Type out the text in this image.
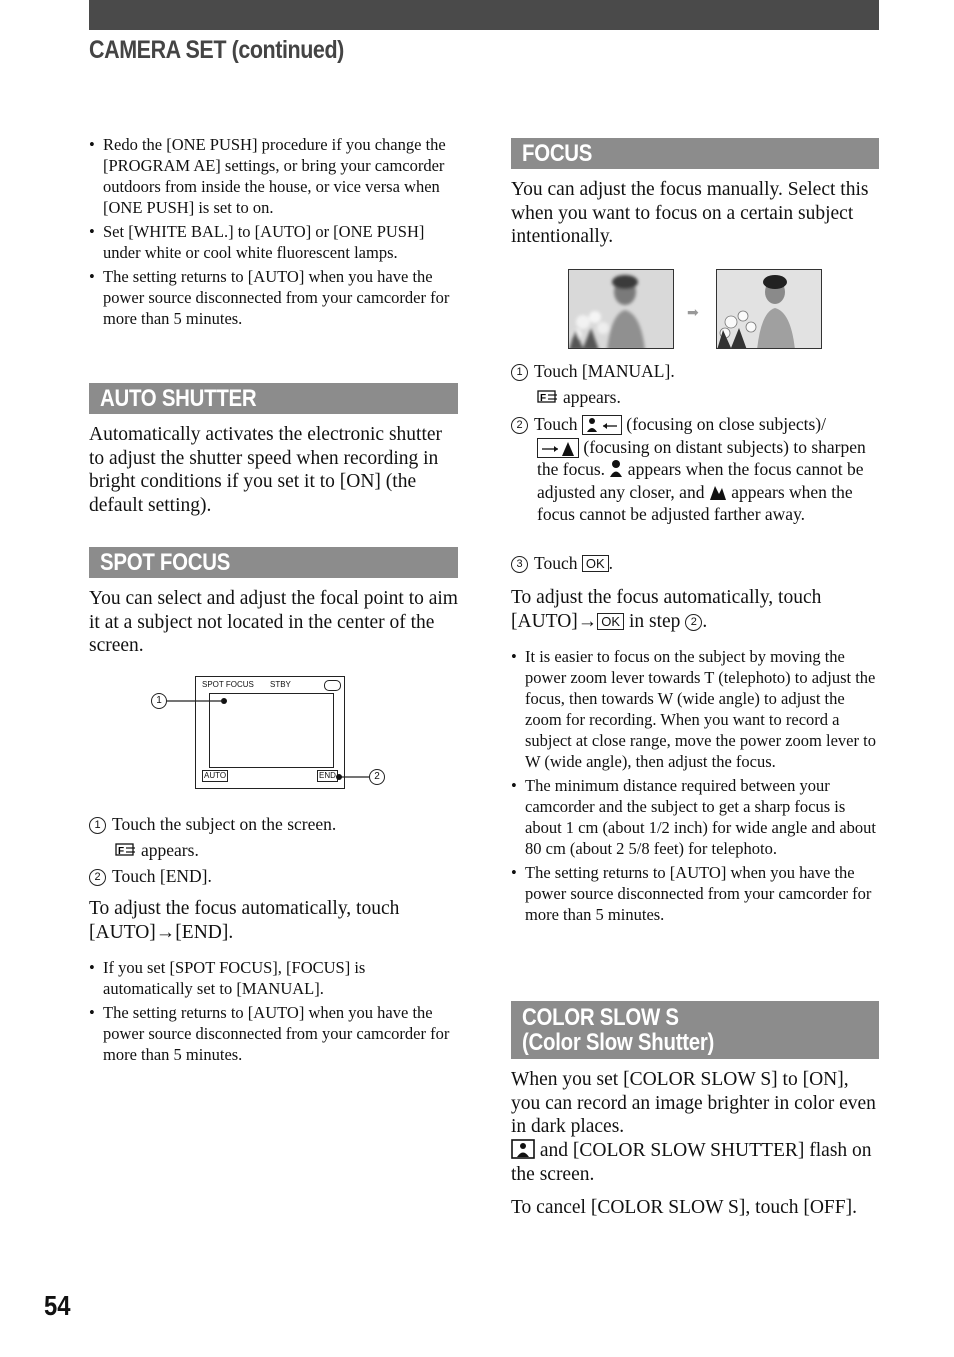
CAMERA SET (continued)
• Redo the [ONE PUSH] procedure if you change the [PROGRAM AE] settings, or bring your camcorder outdoors from inside the house, or vice versa when [ONE PUSH] is set to on.
• Set [WHITE BAL.] to [AUTO] or [ONE PUSH] under white or cool white fluorescent lamps.
• The setting returns to [AUTO] when you have the power source disconnected from your camcorder for more than 5 minutes.
AUTO SHUTTER
Automatically activates the electronic shutter to adjust the shutter speed when recording in bright conditions if you set it to [ON] (the default setting).
SPOT FOCUS
You can select and adjust the focal point to aim it at a subject not located in the center of the screen.
SPOT FOCUS STBY
AUTO	END
1
2
1 Touch the subject on the screen.
F appears.
2 Touch [END].
To adjust the focus automatically, touch [AUTO]→[END].
• If you set [SPOT FOCUS], [FOCUS] is automatically set to [MANUAL].
• The setting returns to [AUTO] when you have the power source disconnected from your camcorder for more than 5 minutes.
FOCUS
You can adjust the focus manually. Select this when you want to focus on a certain subject intentionally.
➡
1 Touch [MANUAL].
F appears.
2 Touch	(focusing on close subjects)/
(focusing on distant subjects) to sharpen the focus. appears when the focus cannot be adjusted any closer, and appears when the focus cannot be adjusted farther away.
3 Touch OK .
To adjust the focus automatically, touch [AUTO]→ OK in step 2 .
• It is easier to focus on the subject by moving the power zoom lever towards T (telephoto) to adjust the focus, then towards W (wide angle) to adjust the zoom for recording. When you want to record a subject at close range, move the power zoom lever to W (wide angle), then adjust the focus.
• The minimum distance required between your camcorder and the subject to get a sharp focus is about 1 cm (about 1/2 inch) for wide angle and about 80 cm (about 2 5/8 feet) for telephoto.
• The setting returns to [AUTO] when you have the power source disconnected from your camcorder for more than 5 minutes.
COLOR SLOW S
(Color Slow Shutter)
When you set [COLOR SLOW S] to [ON], you can record an image brighter in color even in dark places.
and [COLOR SLOW SHUTTER] flash on the screen.
To cancel [COLOR SLOW S], touch [OFF].
54
